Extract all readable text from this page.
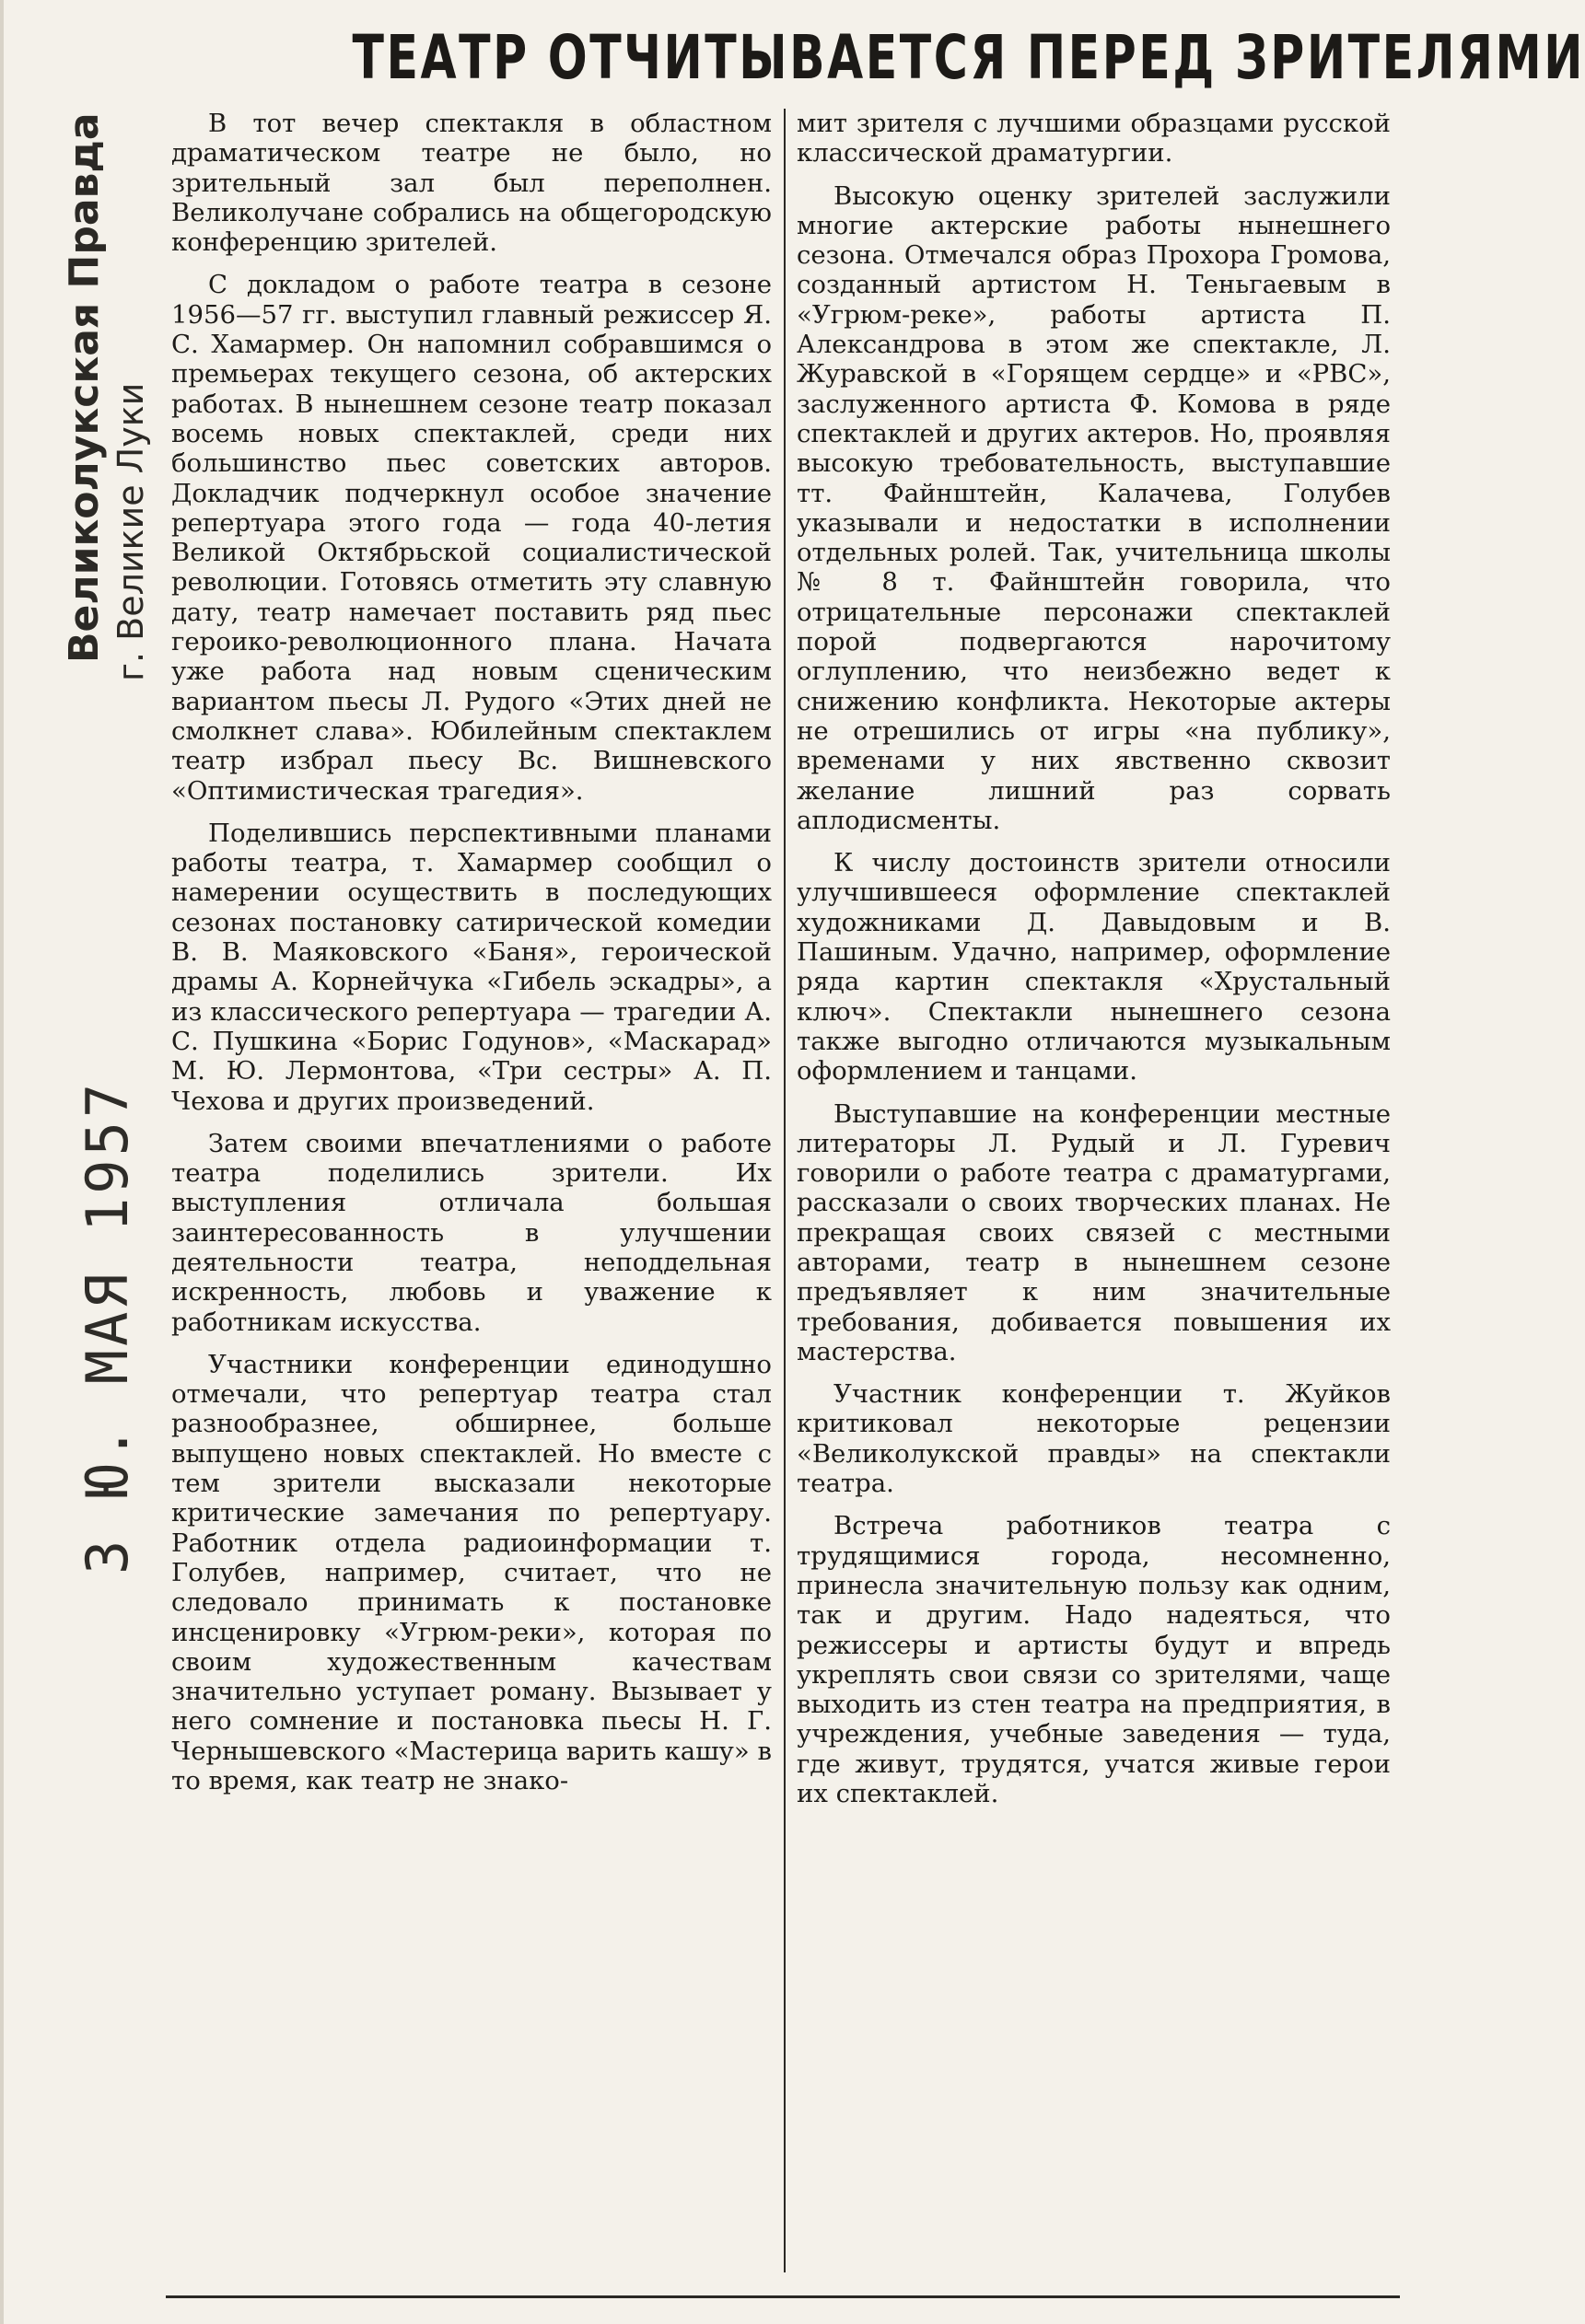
ТЕАТР ОТЧИТЫВАЕТСЯ ПЕРЕД ЗРИТЕЛЯМИ
3 Ю. МАЯ 1957
Великолукская Правда г. Великие Луки

В тот вечер спектакля в областном драматическом театре не было, но зрительный зал был переполнен. Великолучане собрались на общегородскую конференцию зрителей.

С докладом о работе театра в сезоне 1956—57 гг. выступил главный режиссер Я. С. Хамармер. Он напомнил собравшимся о премьерах текущего сезона, об актерских работах. В нынешнем сезоне театр показал восемь новых спектаклей, среди них большинство пьес советских авторов. Докладчик подчеркнул особое значение репертуара этого года — года 40-летия Великой Октябрьской социалистической революции. Готовясь отметить эту славную дату, театр намечает поставить ряд пьес героико-революционного плана. Начата уже работа над новым сценическим вариантом пьесы Л. Рудого «Этих дней не смолкнет слава». Юбилейным спектаклем театр избрал пьесу Вс. Вишневского «Оптимистическая трагедия».

Поделившись перспективными планами работы театра, т. Хамармер сообщил о намерении осуществить в последующих сезонах постановку сатирической комедии В. В. Маяковского «Баня», героической драмы А. Корнейчука «Гибель эскадры», а из классического репертуара — трагедии А. С. Пушкина «Борис Годунов», «Маскарад» М. Ю. Лермонтова, «Три сестры» А. П. Чехова и других произведений.

Затем своими впечатлениями о работе театра поделились зрители. Их выступления отличала большая заинтересованность в улучшении деятельности театра, неподдельная искренность, любовь и уважение к работникам искусства.

Участники конференции единодушно отмечали, что репертуар театра стал разнообразнее, обширнее, больше выпущено новых спектаклей. Но вместе с тем зрители высказали некоторые критические замечания по репертуару. Работник отдела радиоинформации т. Голубев, например, считает, что не следовало принимать к постановке инсценировку «Угрюм-реки», которая по своим художественным качествам значительно уступает роману. Вызывает у него сомнение и постановка пьесы Н. Г. Чернышевского «Мастерица варить кашу» в то время, как театр не знако-

мит зрителя с лучшими образцами русской классической драматургии.

Высокую оценку зрителей заслужили многие актерские работы нынешнего сезона. Отмечался образ Прохора Громова, созданный артистом Н. Теньгаевым в «Угрюм-реке», работы артиста П. Александрова в этом же спектакле, Л. Журавской в «Горящем сердце» и «РВС», заслуженного артиста Ф. Комова в ряде спектаклей и других актеров. Но, проявляя высокую требовательность, выступавшие тт. Файнштейн, Калачева, Голубев указывали и недостатки в исполнении отдельных ролей. Так, учительница школы № 8 т. Файнштейн говорила, что отрицательные персонажи спектаклей порой подвергаются нарочитому оглуплению, что неизбежно ведет к снижению конфликта. Некоторые актеры не отрешились от игры «на публику», временами у них явственно сквозит желание лишний раз сорвать аплодисменты.

К числу достоинств зрители относили улучшившееся оформление спектаклей художниками Д. Давыдовым и В. Пашиным. Удачно, например, оформление ряда картин спектакля «Хрустальный ключ». Спектакли нынешнего сезона также выгодно отличаются музыкальным оформлением и танцами.

Выступавшие на конференции местные литераторы Л. Рудый и Л. Гуревич говорили о работе театра с драматургами, рассказали о своих творческих планах. Не прекращая своих связей с местными авторами, театр в нынешнем сезоне предъявляет к ним значительные требования, добивается повышения их мастерства.

Участник конференции т. Жуйков критиковал некоторые рецензии «Великолукской правды» на спектакли театра.

Встреча работников театра с трудящимися города, несомненно, принесла значительную пользу как одним, так и другим. Надо надеяться, что режиссеры и артисты будут и впредь укреплять свои связи со зрителями, чаще выходить из стен театра на предприятия, в учреждения, учебные заведения — туда, где живут, трудятся, учатся живые герои их спектаклей.
